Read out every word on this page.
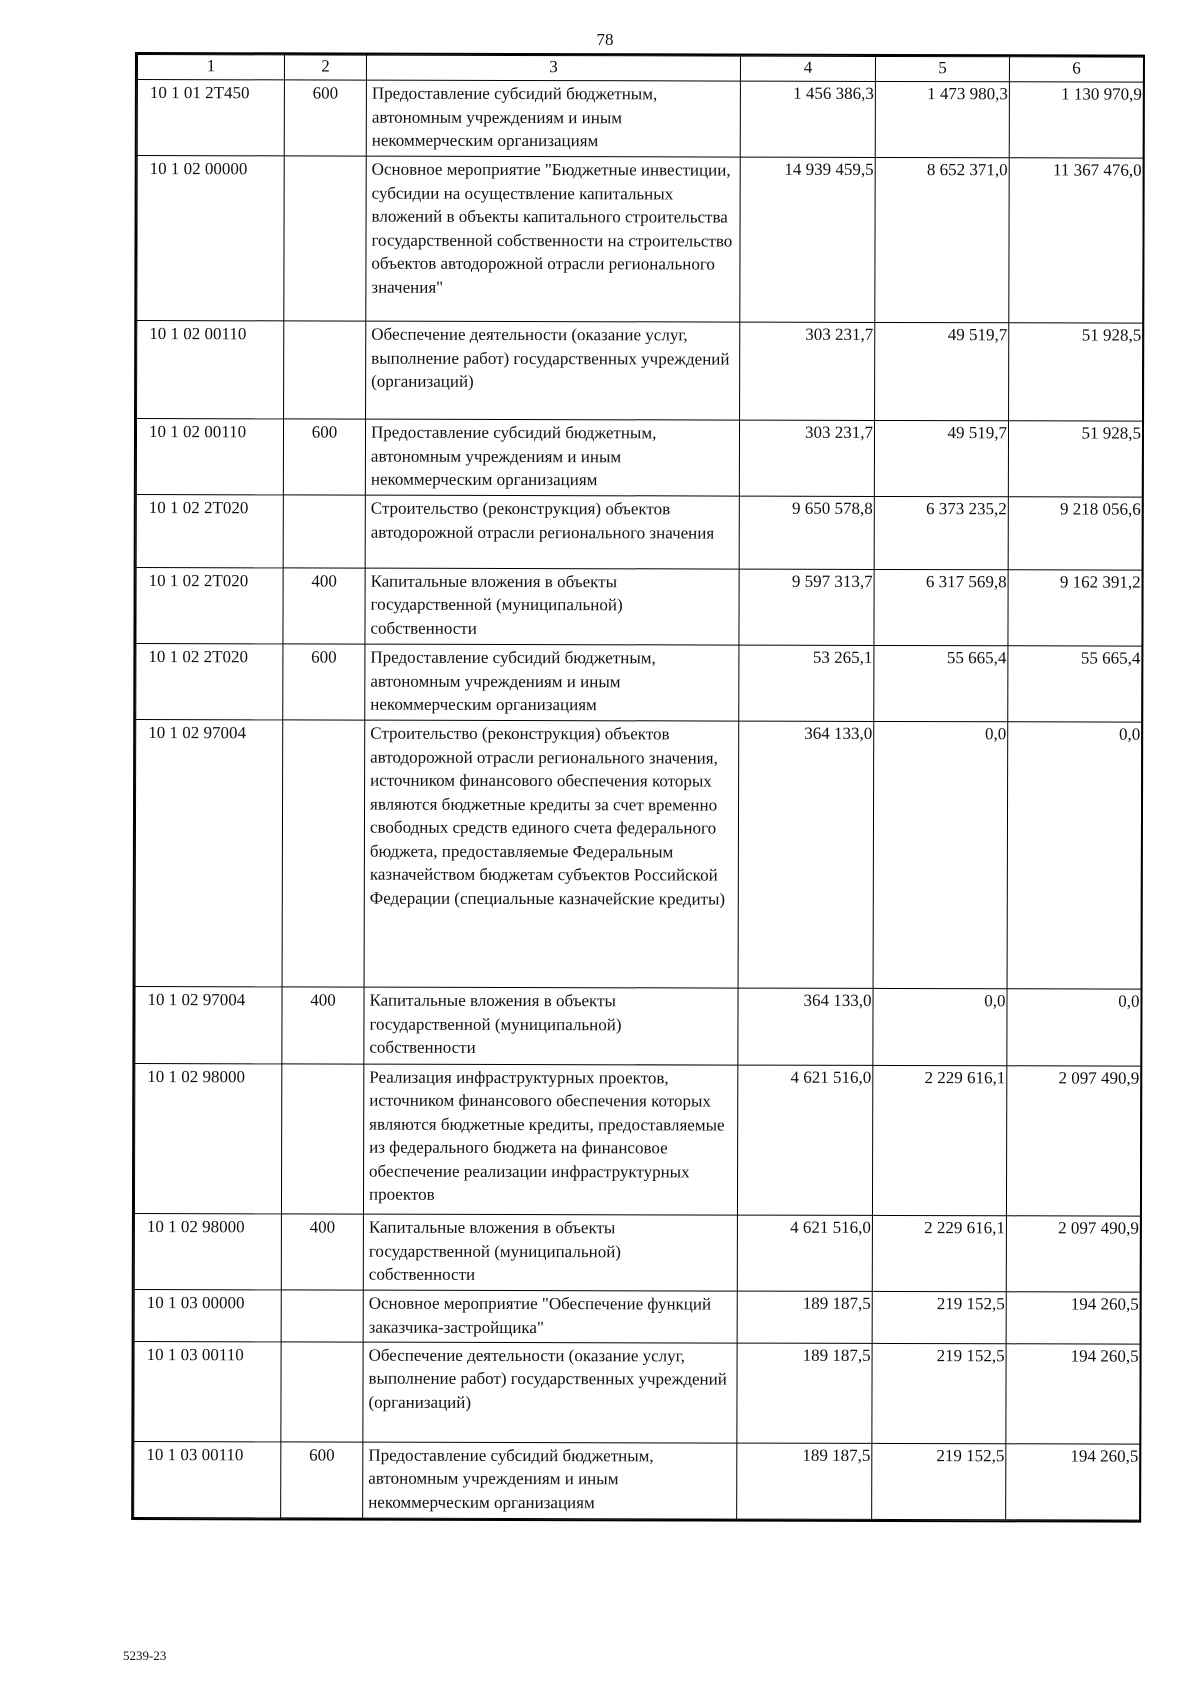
78
1	2	3	4	5	6
10 1 01 2Т450	600	Предоставление субсидий бюджетным, автономным учреждениям и иным некоммерческим организациям	1 456 386,3	1 473 980,3	1 130 970,9
10 1 02 00000		Основное мероприятие "Бюджетные инвестиции, субсидии на осуществление капитальных вложений в объекты капитального строительства государственной собственности на строительство объектов автодорожной отрасли регионального значения"	14 939 459,5	8 652 371,0	11 367 476,0
10 1 02 00110		Обеспечение деятельности (оказание услуг, выполнение работ) государственных учреждений (организаций)	303 231,7	49 519,7	51 928,5
10 1 02 00110	600	Предоставление субсидий бюджетным, автономным учреждениям и иным некоммерческим организациям	303 231,7	49 519,7	51 928,5
10 1 02 2Т020		Строительство (реконструкция) объектов автодорожной отрасли регионального значения	9 650 578,8	6 373 235,2	9 218 056,6
10 1 02 2Т020	400	Капитальные вложения в объекты государственной (муниципальной) собственности	9 597 313,7	6 317 569,8	9 162 391,2
10 1 02 2Т020	600	Предоставление субсидий бюджетным, автономным учреждениям и иным некоммерческим организациям	53 265,1	55 665,4	55 665,4
10 1 02 97004		Строительство (реконструкция) объектов автодорожной отрасли регионального значения, источником финансового обеспечения которых являются бюджетные кредиты за счет временно свободных средств единого счета федерального бюджета, предоставляемые Федеральным казначейством бюджетам субъектов Российской Федерации (специальные казначейские кредиты)	364 133,0	0,0	0,0
10 1 02 97004	400	Капитальные вложения в объекты государственной (муниципальной) собственности	364 133,0	0,0	0,0
10 1 02 98000		Реализация инфраструктурных проектов, источником финансового обеспечения которых являются бюджетные кредиты, предоставляемые из федерального бюджета на финансовое обеспечение реализации инфраструктурных проектов	4 621 516,0	2 229 616,1	2 097 490,9
10 1 02 98000	400	Капитальные вложения в объекты государственной (муниципальной) собственности	4 621 516,0	2 229 616,1	2 097 490,9
10 1 03 00000		Основное мероприятие "Обеспечение функций заказчика-застройщика"	189 187,5	219 152,5	194 260,5
10 1 03 00110		Обеспечение деятельности (оказание услуг, выполнение работ) государственных учреждений (организаций)	189 187,5	219 152,5	194 260,5
10 1 03 00110	600	Предоставление субсидий бюджетным, автономным учреждениям и иным некоммерческим организациям	189 187,5	219 152,5	194 260,5
5239-23
